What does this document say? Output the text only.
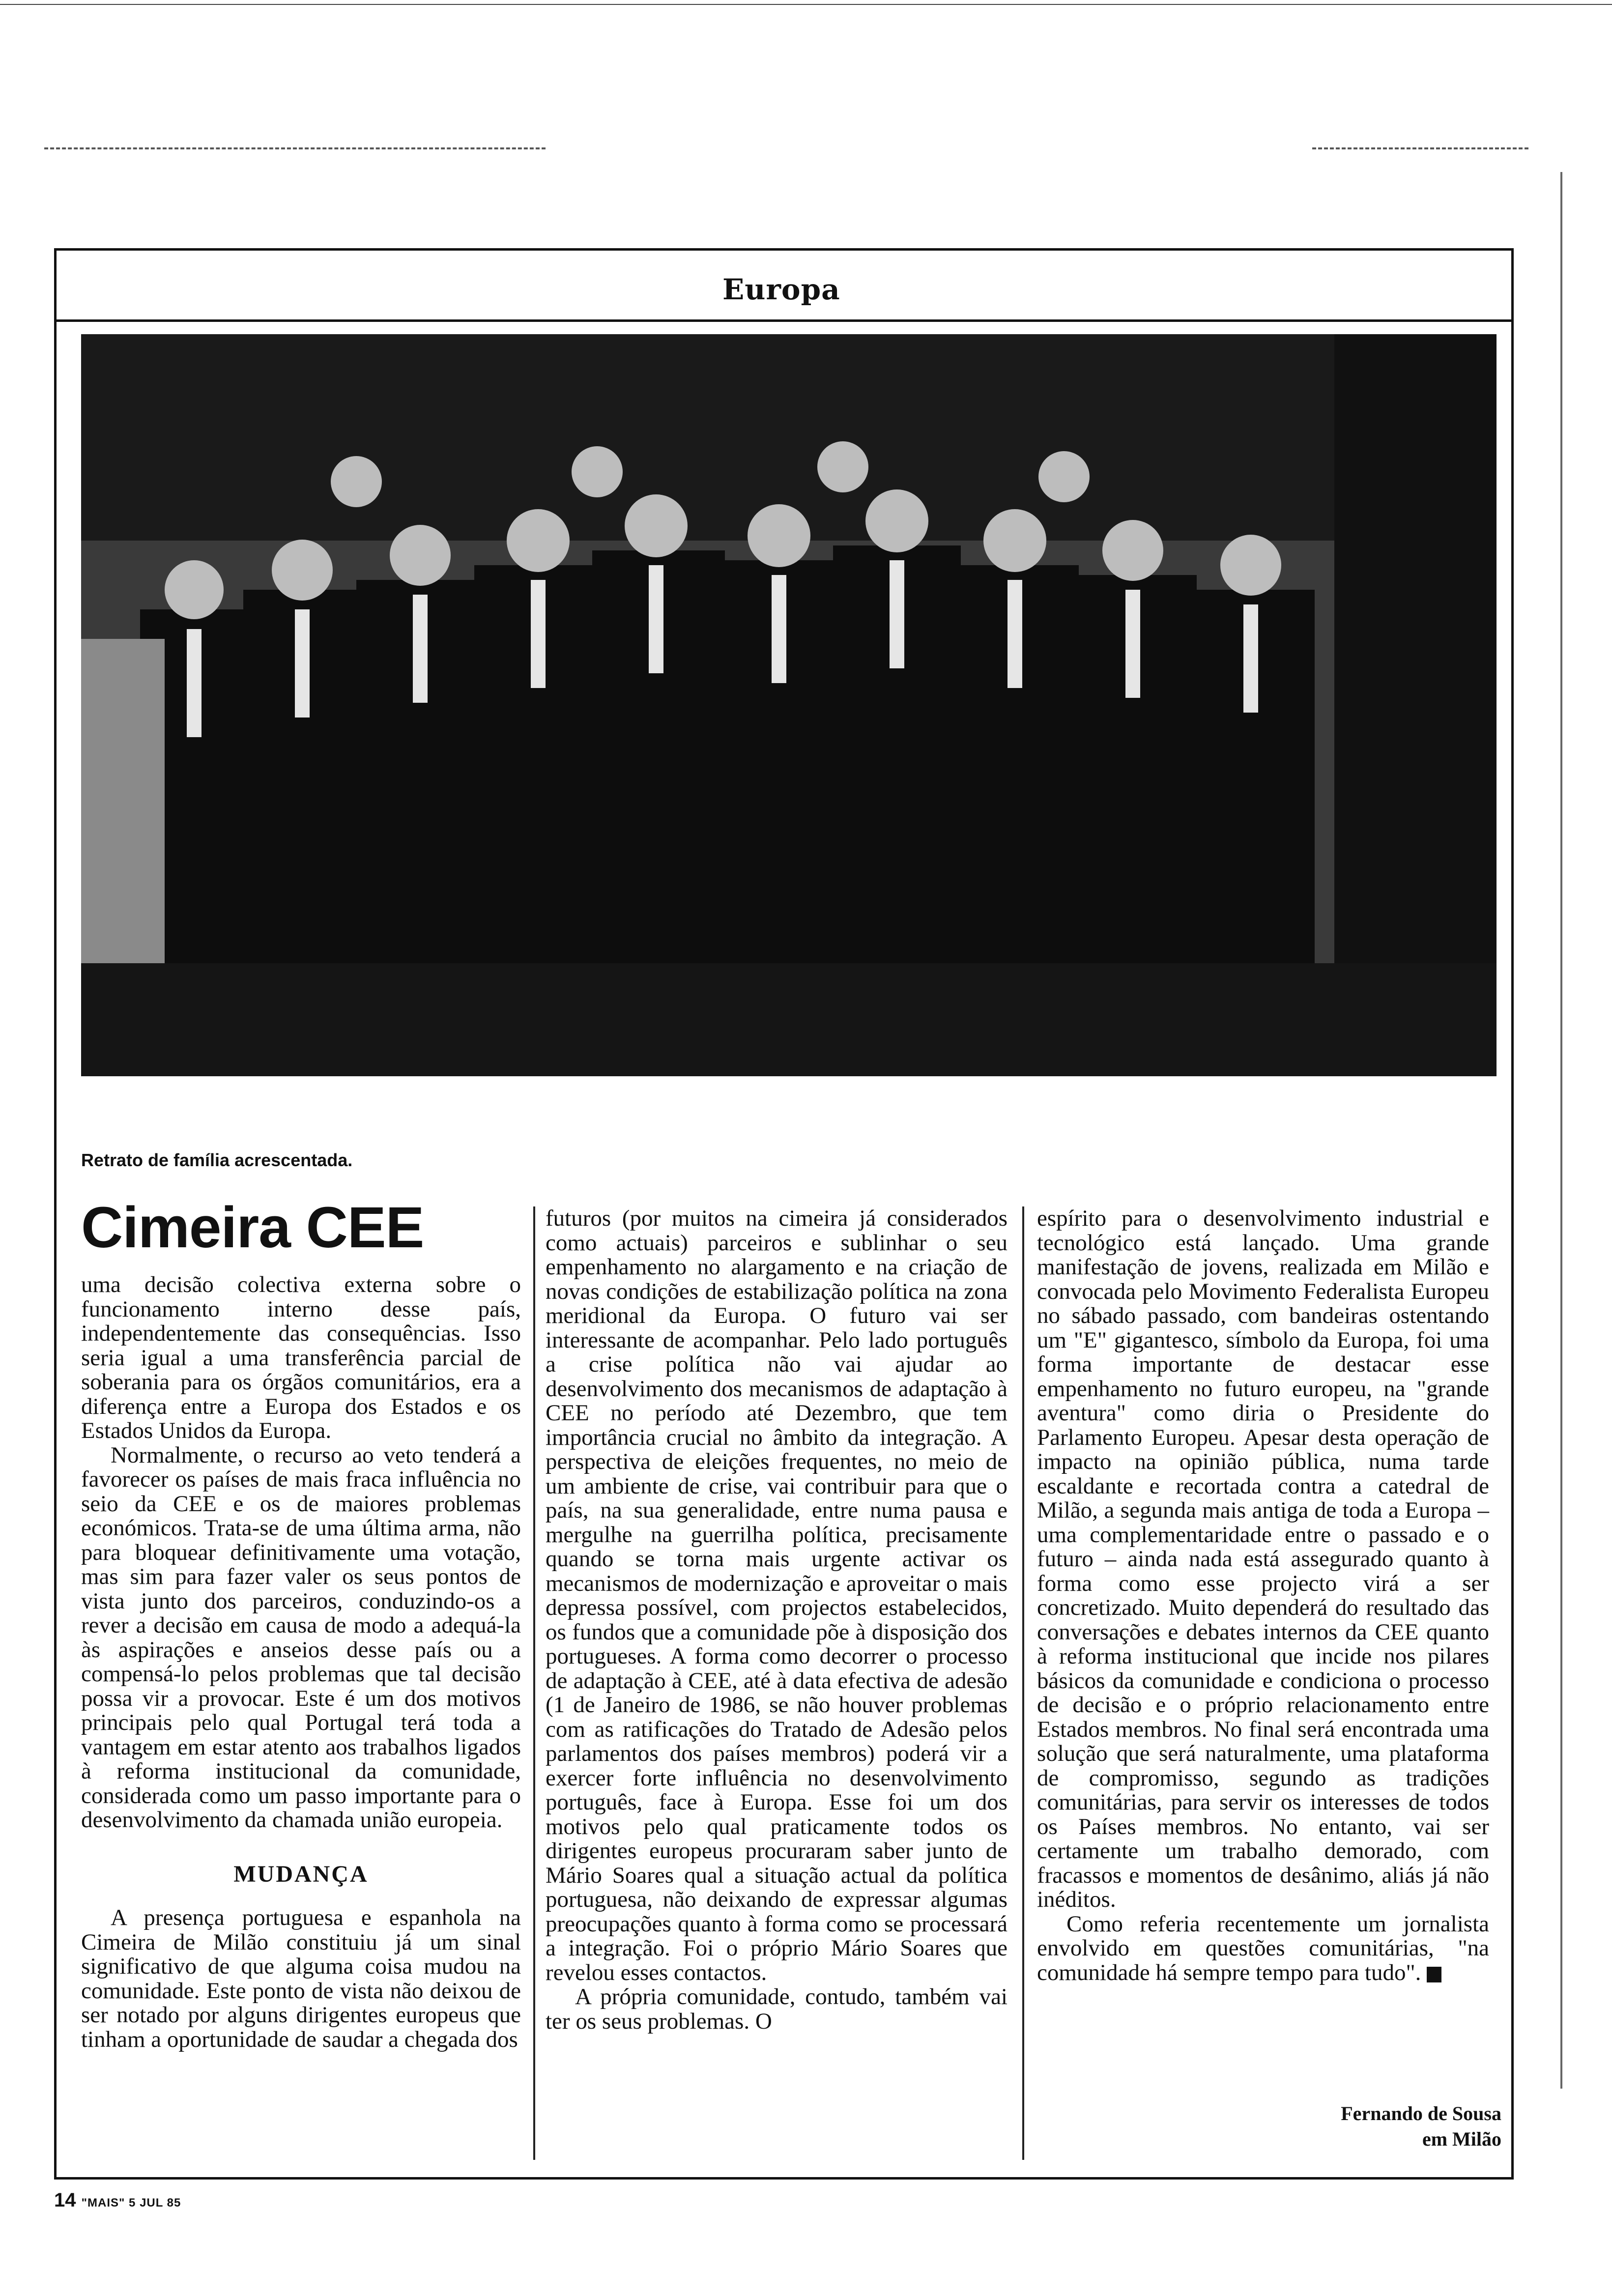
Europa
Retrato de família acrescentada.
Cimeira CEE

uma decisão colectiva externa sobre o funcionamento interno desse país, independentemente das consequências. Isso seria igual a uma transferência parcial de soberania para os órgãos comunitários, era a diferença entre a Europa dos Estados e os Estados Unidos da Europa.

Normalmente, o recurso ao veto tenderá a favorecer os países de mais fraca influência no seio da CEE e os de maiores problemas económicos. Trata-se de uma última arma, não para bloquear definitivamente uma votação, mas sim para fazer valer os seus pontos de vista junto dos parceiros, conduzindo-os a rever a decisão em causa de modo a adequá-la às aspirações e anseios desse país ou a compensá-lo pelos problemas que tal decisão possa vir a provocar. Este é um dos motivos principais pelo qual Portugal terá toda a vantagem em estar atento aos trabalhos ligados à reforma institucional da comunidade, considerada como um passo importante para o desenvolvimento da chamada união europeia.

MUDANÇA

A presença portuguesa e espanhola na Cimeira de Milão constituiu já um sinal significativo de que alguma coisa mudou na comunidade. Este ponto de vista não deixou de ser notado por alguns dirigentes europeus que tinham a oportunidade de saudar a chegada dos

futuros (por muitos na cimeira já considerados como actuais) parceiros e sublinhar o seu empenhamento no alargamento e na criação de novas condições de estabilização política na zona meridional da Europa. O futuro vai ser interessante de acompanhar. Pelo lado português a crise política não vai ajudar ao desenvolvimento dos mecanismos de adaptação à CEE no período até Dezembro, que tem importância crucial no âmbito da integração. A perspectiva de eleições frequentes, no meio de um ambiente de crise, vai contribuir para que o país, na sua generalidade, entre numa pausa e mergulhe na guerrilha política, precisamente quando se torna mais urgente activar os mecanismos de modernização e aproveitar o mais depressa possível, com projectos estabelecidos, os fundos que a comunidade põe à disposição dos portugueses. A forma como decorrer o processo de adaptação à CEE, até à data efectiva de adesão (1 de Janeiro de 1986, se não houver problemas com as ratificações do Tratado de Adesão pelos parlamentos dos países membros) poderá vir a exercer forte influência no desenvolvimento português, face à Europa. Esse foi um dos motivos pelo qual praticamente todos os dirigentes europeus procuraram saber junto de Mário Soares qual a situação actual da política portuguesa, não deixando de expressar algumas preocupações quanto à forma como se processará a integração. Foi o próprio Mário Soares que revelou esses contactos.

A própria comunidade, contudo, também vai ter os seus problemas. O

espírito para o desenvolvimento industrial e tecnológico está lançado. Uma grande manifestação de jovens, realizada em Milão e convocada pelo Movimento Federalista Europeu no sábado passado, com bandeiras ostentando um "E" gigantesco, símbolo da Europa, foi uma forma importante de destacar esse empenhamento no futuro europeu, na "grande aventura" como diria o Presidente do Parlamento Europeu. Apesar desta operação de impacto na opinião pública, numa tarde escaldante e recortada contra a catedral de Milão, a segunda mais antiga de toda a Europa – uma complementaridade entre o passado e o futuro – ainda nada está assegurado quanto à forma como esse projecto virá a ser concretizado. Muito dependerá do resultado das conversações e debates internos da CEE quanto à reforma institucional que incide nos pilares básicos da comunidade e condiciona o processo de decisão e o próprio relacionamento entre Estados membros. No final será encontrada uma solução que será naturalmente, uma plataforma de compromisso, segundo as tradições comunitárias, para servir os interesses de todos os Países membros. No entanto, vai ser certamente um trabalho demorado, com fracassos e momentos de desânimo, aliás já não inéditos.

Como referia recentemente um jornalista envolvido em questões comunitárias, "na comunidade há sempre tempo para tudo".

Fernando de Sousa
em Milão
14 "MAIS" 5 JUL 85
